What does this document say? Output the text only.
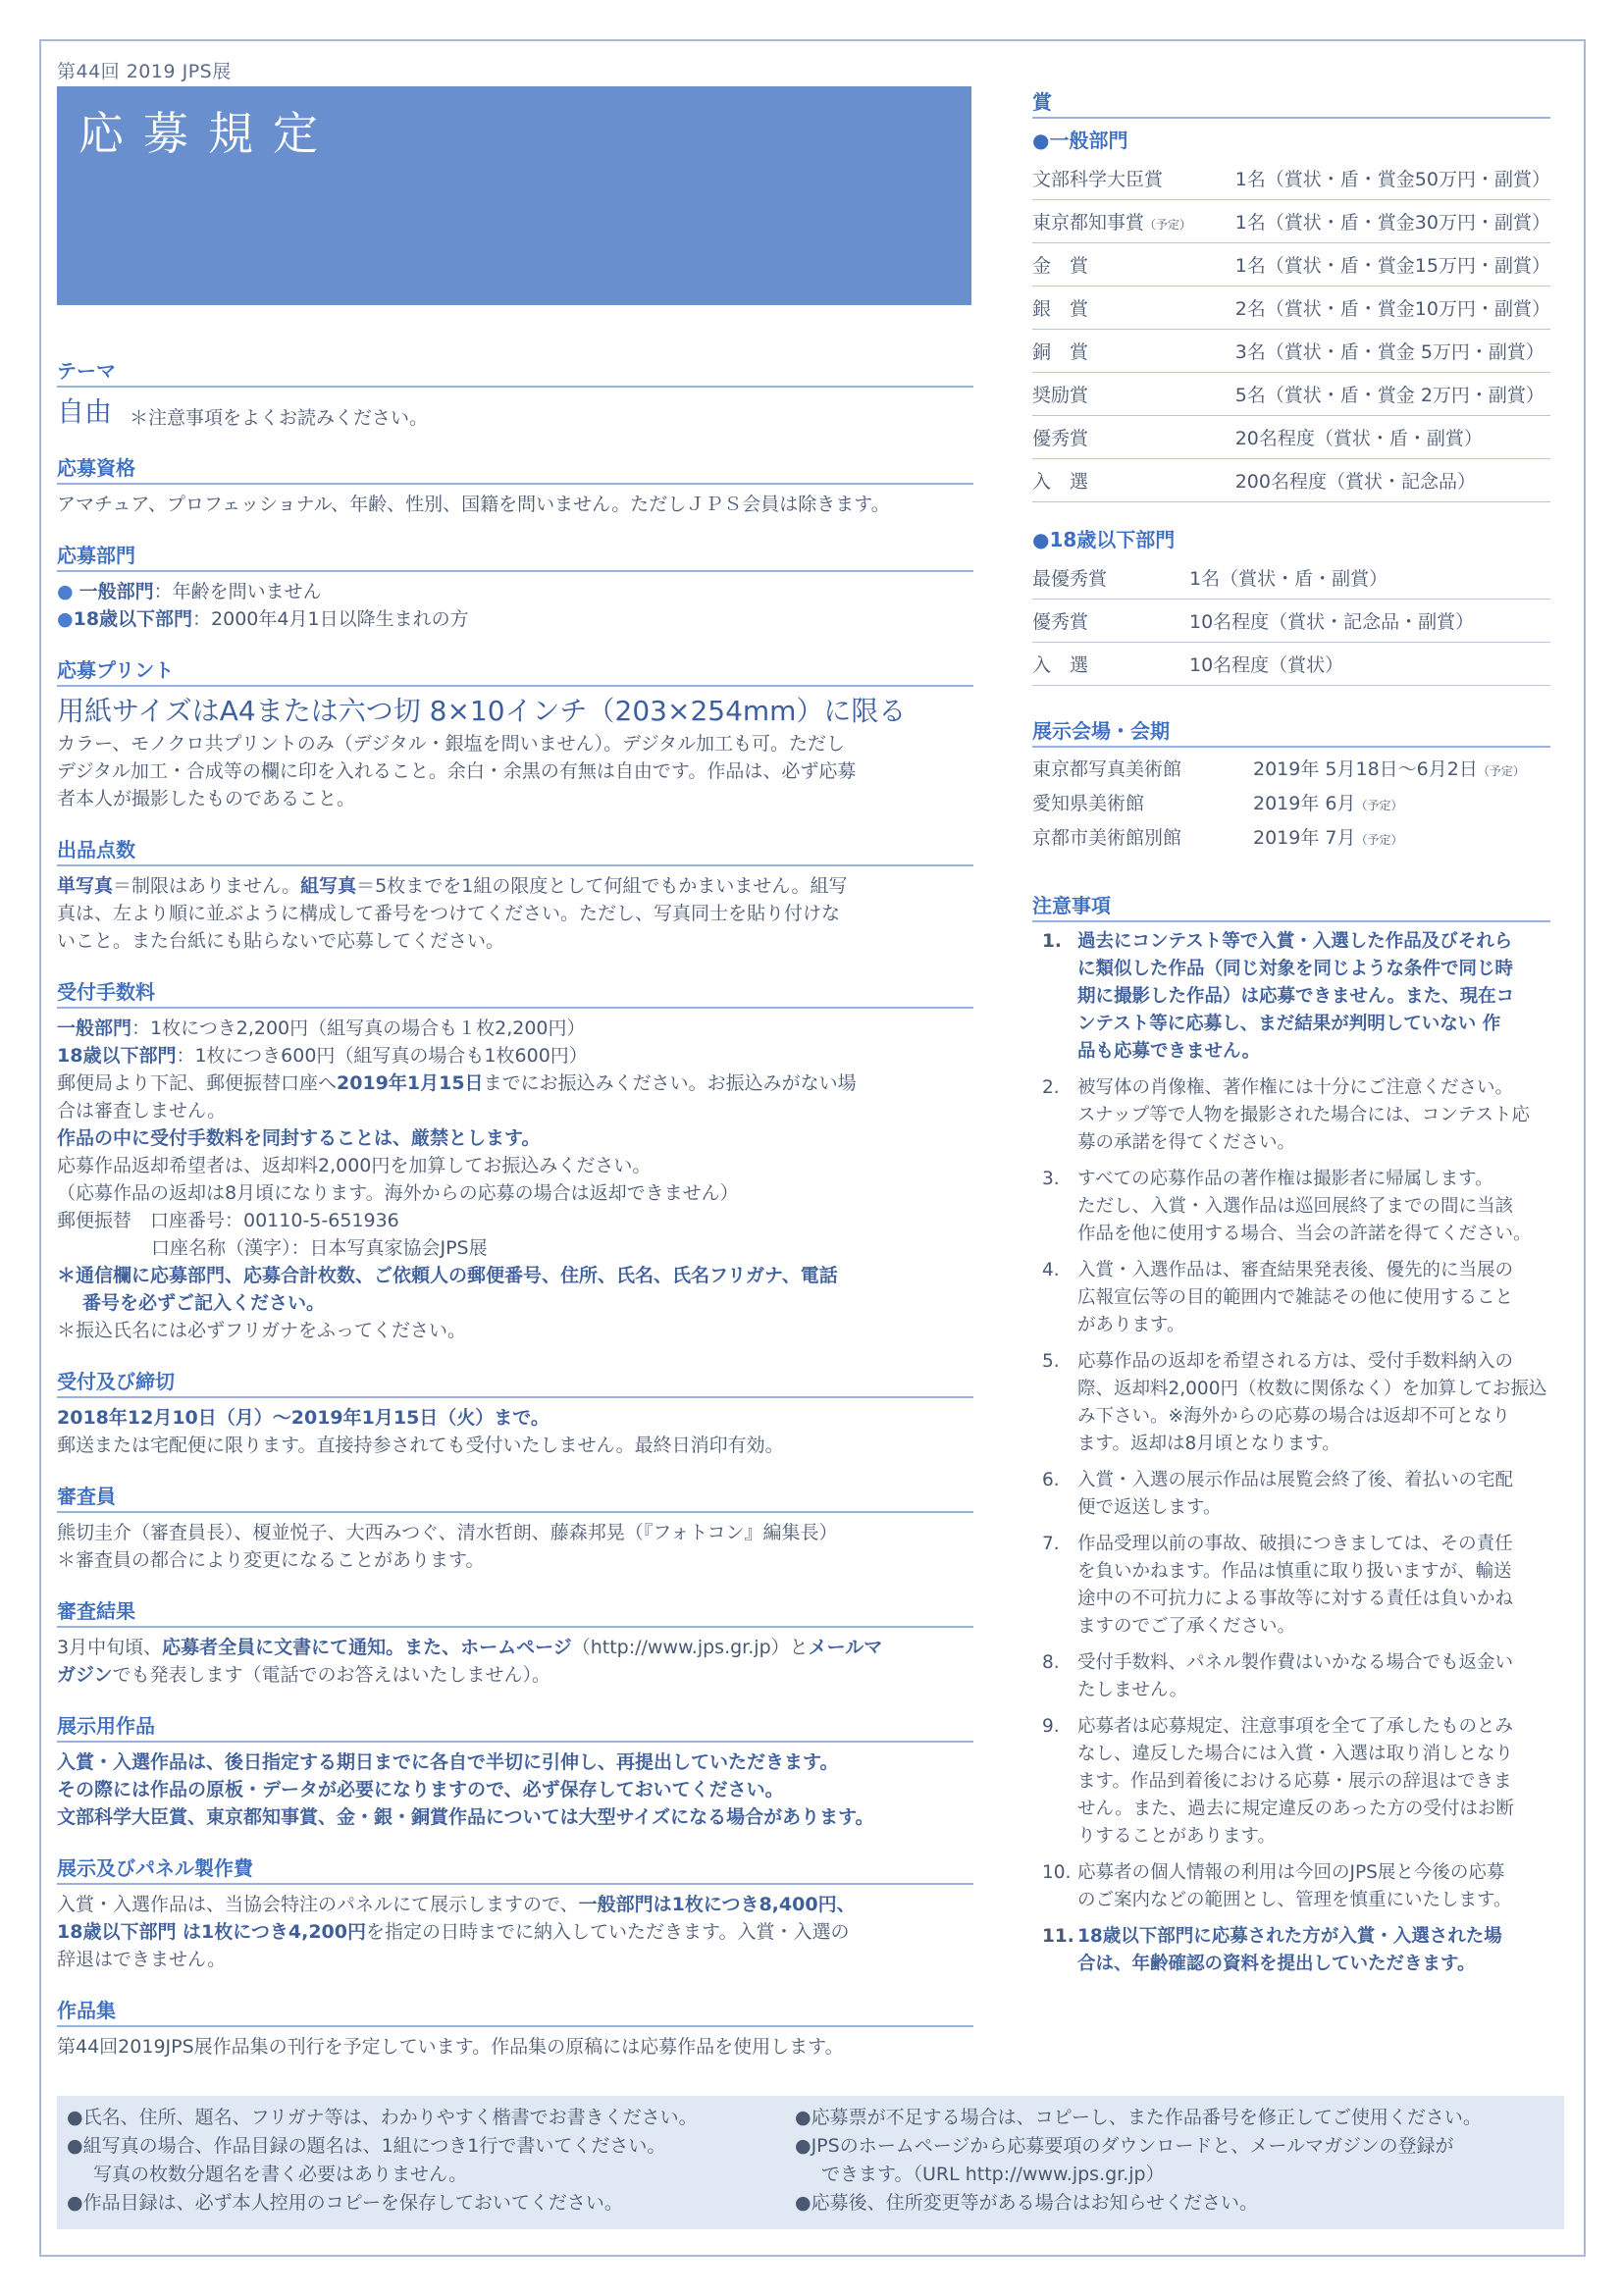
第44回 2019 JPS展
応募規定
テーマ
自由 ＊注意事項をよくお読みください。
応募資格
アマチュア、プロフェッショナル、年齢、性別、国籍を問いません。ただしＪＰＳ会員は除きます。
応募部門
● 一般部門：年齢を問いません
●18歳以下部門：2000年4月1日以降生まれの方
応募プリント
用紙サイズはA4または六つ切 8×10インチ（203×254mm）に限る
カラー、モノクロ共プリントのみ（デジタル・銀塩を問いません）。デジタル加工も可。ただし
デジタル加工・合成等の欄に印を入れること。余白・余黒の有無は自由です。作品は、必ず応募
者本人が撮影したものであること。
出品点数
単写真＝制限はありません。組写真＝5枚までを1組の限度として何組でもかまいません。組写
真は、左より順に並ぶように構成して番号をつけてください。ただし、写真同士を貼り付けな
いこと。また台紙にも貼らないで応募してください。
受付手数料
一般部門：1枚につき2,200円（組写真の場合も１枚2,200円）
18歳以下部門：1枚につき600円（組写真の場合も1枚600円）
郵便局より下記、郵便振替口座へ2019年1月15日までにお振込みください。お振込みがない場
合は審査しません。
作品の中に受付手数料を同封することは、厳禁とします。
応募作品返却希望者は、返却料2,000円を加算してお振込みください。
（応募作品の返却は8月頃になります。海外からの応募の場合は返却できません）
郵便振替　口座番号：00110-5-651936
口座名称（漢字）：日本写真家協会JPS展
＊通信欄に応募部門、応募合計枚数、ご依頼人の郵便番号、住所、氏名、氏名フリガナ、電話
番号を必ずご記入ください。
＊振込氏名には必ずフリガナをふってください。
受付及び締切
2018年12月10日（月）〜2019年1月15日（火）まで。
郵送または宅配便に限ります。直接持参されても受付いたしません。最終日消印有効。
審査員
熊切圭介（審査員長）、榎並悦子、大西みつぐ、清水哲朗、藤森邦晃（『フォトコン』編集長）
＊審査員の都合により変更になることがあります。
審査結果
3月中旬頃、応募者全員に文書にて通知。また、ホームページ（http://www.jps.gr.jp）とメールマ
ガジンでも発表します（電話でのお答えはいたしません）。
展示用作品
入賞・入選作品は、後日指定する期日までに各自で半切に引伸し、再提出していただきます。
その際には作品の原板・データが必要になりますので、必ず保存しておいてください。
文部科学大臣賞、東京都知事賞、金・銀・銅賞作品については大型サイズになる場合があります。
展示及びパネル製作費
入賞・入選作品は、当協会特注のパネルにて展示しますので、一般部門は1枚につき8,400円、
18歳以下部門 は1枚につき4,200円を指定の日時までに納入していただきます。入賞・入選の
辞退はできません。
作品集
第44回2019JPS展作品集の刊行を予定しています。作品集の原稿には応募作品を使用します。
賞
●一般部門
文部科学大臣賞	1名（賞状・盾・賞金50万円・副賞）
東京都知事賞（予定）	1名（賞状・盾・賞金30万円・副賞）
金　賞	1名（賞状・盾・賞金15万円・副賞）
銀　賞	2名（賞状・盾・賞金10万円・副賞）
銅　賞	3名（賞状・盾・賞金 5万円・副賞）
奨励賞	5名（賞状・盾・賞金 2万円・副賞）
優秀賞	20名程度（賞状・盾・副賞）
入　選	200名程度（賞状・記念品）
●18歳以下部門
最優秀賞	1名（賞状・盾・副賞）
優秀賞	10名程度（賞状・記念品・副賞）
入　選	10名程度（賞状）
展示会場・会期
東京都写真美術館	2019年 5月18日〜6月2日（予定）
愛知県美術館	2019年 6月（予定）
京都市美術館別館	2019年 7月（予定）
注意事項
1. 過去にコンテスト等で入賞・入選した作品及びそれら
に類似した作品（同じ対象を同じような条件で同じ時
期に撮影した作品）は応募できません。また、現在コ
ンテスト等に応募し、まだ結果が判明していない 作
品も応募できません。
2. 被写体の肖像権、著作権には十分にご注意ください。
スナップ等で人物を撮影された場合には、コンテスト応
募の承諾を得てください。
3. すべての応募作品の著作権は撮影者に帰属します。
ただし、入賞・入選作品は巡回展終了までの間に当該
作品を他に使用する場合、当会の許諾を得てください。
4. 入賞・入選作品は、審査結果発表後、優先的に当展の
広報宣伝等の目的範囲内で雑誌その他に使用すること
があります。
5. 応募作品の返却を希望される方は、受付手数料納入の
際、返却料2,000円（枚数に関係なく）を加算してお振込
み下さい。※海外からの応募の場合は返却不可となり
ます。返却は8月頃となります。
6. 入賞・入選の展示作品は展覧会終了後、着払いの宅配
便で返送します。
7. 作品受理以前の事故、破損につきましては、その責任
を負いかねます。作品は慎重に取り扱いますが、輸送
途中の不可抗力による事故等に対する責任は負いかね
ますのでご了承ください。
8. 受付手数料、パネル製作費はいかなる場合でも返金い
たしません。
9. 応募者は応募規定、注意事項を全て了承したものとみ
なし、違反した場合には入賞・入選は取り消しとなり
ます。作品到着後における応募・展示の辞退はできま
せん。また、過去に規定違反のあった方の受付はお断
りすることがあります。
10. 応募者の個人情報の利用は今回のJPS展と今後の応募
のご案内などの範囲とし、管理を慎重にいたします。
11. 18歳以下部門に応募された方が入賞・入選された場
合は、年齢確認の資料を提出していただきます。
●氏名、住所、題名、フリガナ等は、わかりやすく楷書でお書きください。
●組写真の場合、作品目録の題名は、1組につき1行で書いてください。
写真の枚数分題名を書く必要はありません。
●作品目録は、必ず本人控用のコピーを保存しておいてください。
●応募票が不足する場合は、コピーし、また作品番号を修正してご使用ください。
●JPSのホームページから応募要項のダウンロードと、メールマガジンの登録が
できます。（URL http://www.jps.gr.jp）
●応募後、住所変更等がある場合はお知らせください。
